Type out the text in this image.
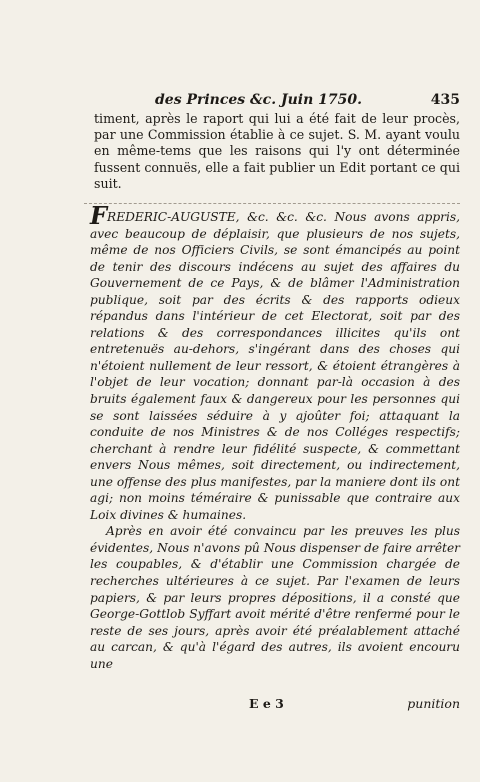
des Princes &c. Juin 1750.	435
timent, après le raport qui lui a été fait de leur procès, par une Commission établie à ce sujet. S. M. ayant voulu en même-tems que les raisons qui l'y ont déterminée fussent connuës, elle a fait publier un Edit portant ce qui suit.

FREDERIC-AUGUSTE, &c. &c. &c. Nous avons appris, avec beaucoup de déplaisir, que plusieurs de nos sujets, même de nos Officiers Civils, se sont émancipés au point de tenir des discours indécens au sujet des affaires du Gouvernement de ce Pays, & de blâmer l'Administration publique, soit par des écrits & des rapports odieux répandus dans l'intérieur de cet Electorat, soit par des relations & des correspondances illicites qu'ils ont entretenuës au-dehors, s'ingérant dans des choses qui n'étoient nullement de leur ressort, & étoient étrangères à l'objet de leur vocation; donnant par-là occasion à des bruits également faux & dangereux pour les personnes qui se sont laissées séduire à y ajoûter foi; attaquant la conduite de nos Ministres & de nos Colléges respectifs; cherchant à rendre leur fidélité suspecte, & commettant envers Nous mêmes, soit directement, ou indirectement, une offense des plus manifestes, par la maniere dont ils ont agi; non moins téméraire & punissable que contraire aux Loix divines & humaines.

Après en avoir été convaincu par les preuves les plus évidentes, Nous n'avons pû Nous dispenser de faire arrêter les coupables, & d'établir une Commission chargée de recherches ultérieures à ce sujet. Par l'examen de leurs papiers, & par leurs propres dépositions, il a consté que George-Gottlob Syffart avoit mérité d'être renfermé pour le reste de ses jours, après avoir été préalablement attaché au carcan, & qu'à l'égard des autres, ils avoient encouru une

E e 3	punition
